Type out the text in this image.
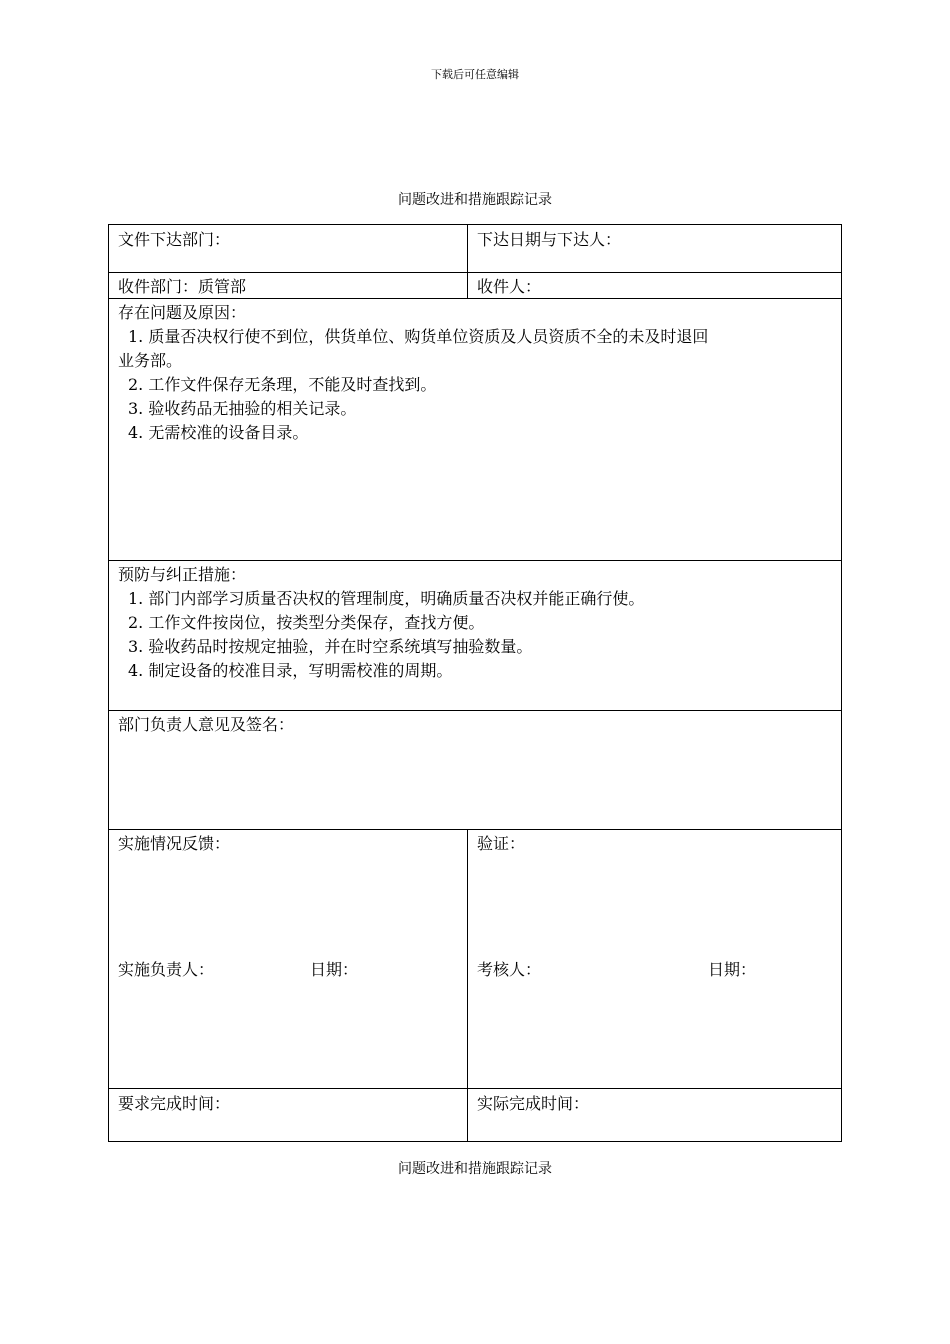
下载后可任意编辑
问题改进和措施跟踪记录
文件下达部门：	下达日期与下达人：
收件部门：质管部	收件人：
存在问题及原因：
1. 质量否决权行使不到位，供货单位、购货单位资质及人员资质不全的未及时退回
业务部。
2. 工作文件保存无条理，不能及时查找到。
3. 验收药品无抽验的相关记录。
4. 无需校准的设备目录。
预防与纠正措施：
1. 部门内部学习质量否决权的管理制度，明确质量否决权并能正确行使。
2. 工作文件按岗位，按类型分类保存，查找方便。
3. 验收药品时按规定抽验，并在时空系统填写抽验数量。
4. 制定设备的校准目录，写明需校准的周期。
部门负责人意见及签名：
实施情况反馈：
实施负责人：	日期：
验证：
考核人：	日期：
要求完成时间：	实际完成时间：
问题改进和措施跟踪记录
